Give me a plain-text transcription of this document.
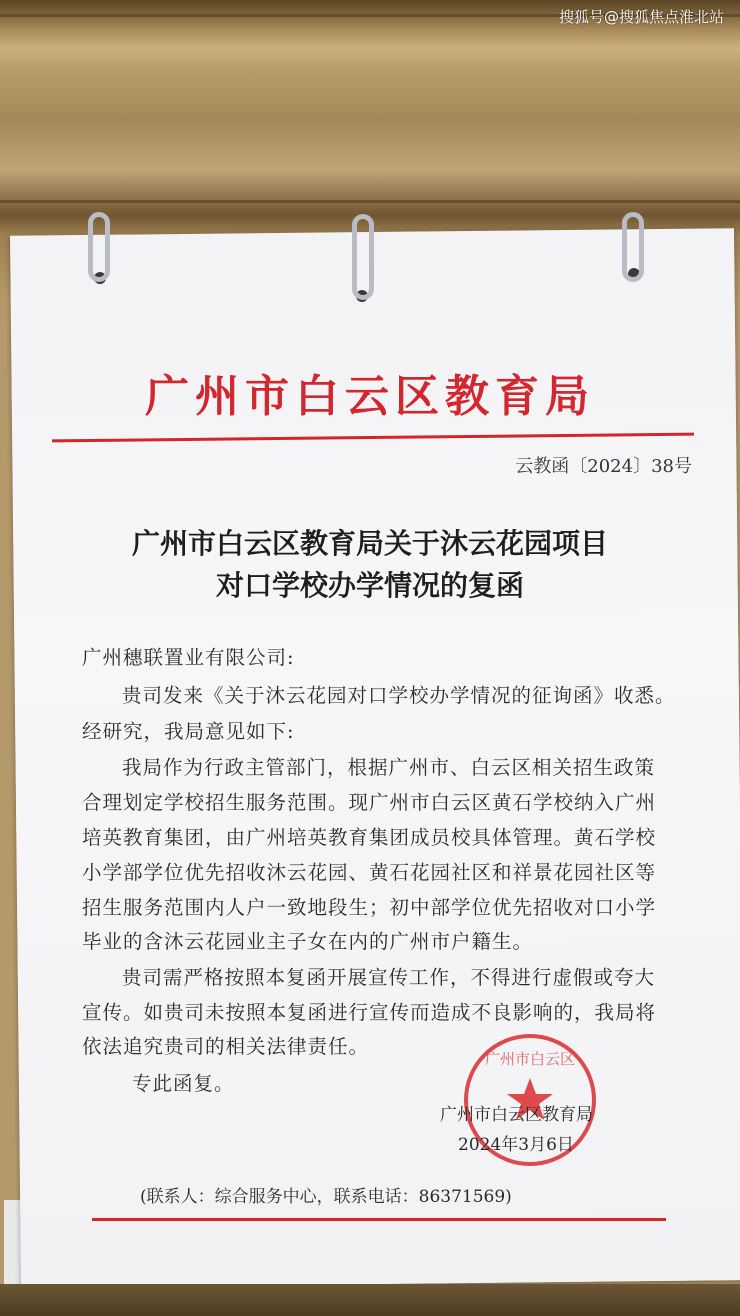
搜狐号@搜狐焦点淮北站
广州市白云区教育局
云教函〔2024〕38号
广州市白云区教育局关于沐云花园项目
对口学校办学情况的复函
广州穗联置业有限公司:
贵司发来《关于沐云花园对口学校办学情况的征询函》收悉。
经研究，我局意见如下:
我局作为行政主管部门，根据广州市、白云区相关招生政策
合理划定学校招生服务范围。现广州市白云区黄石学校纳入广州
培英教育集团，由广州培英教育集团成员校具体管理。黄石学校
小学部学位优先招收沐云花园、黄石花园社区和祥景花园社区等
招生服务范围内人户一致地段生；初中部学位优先招收对口小学
毕业的含沐云花园业主子女在内的广州市户籍生。
贵司需严格按照本复函开展宣传工作，不得进行虚假或夸大
宣传。如贵司未按照本复函进行宣传而造成不良影响的，我局将
依法追究贵司的相关法律责任。
专此函复。
广州市白云区
广州市白云区教育局
2024年3月6日
(联系人：综合服务中心，联系电话：86371569)
